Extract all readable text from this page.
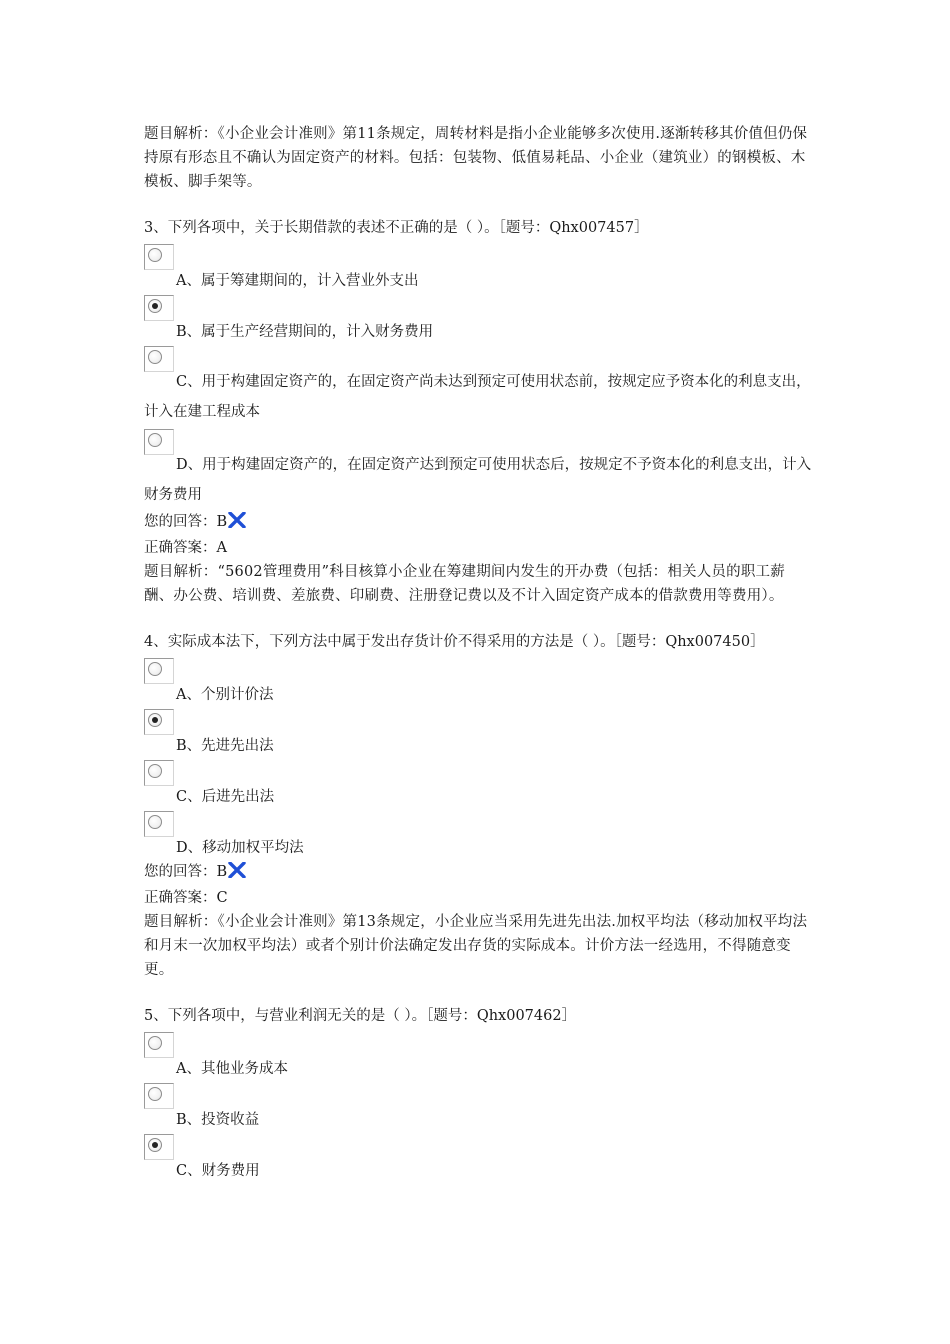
题目解析：《小企业会计准则》第11条规定，周转材料是指小企业能够多次使用.逐渐转移其价值但仍保持原有形态且不确认为固定资产的材料。包括：包装物、低值易耗品、小企业（建筑业）的钢模板、木模板、脚手架等。

3、下列各项中，关于长期借款的表述不正确的是（ ）。［题号：Qhx007457］

A、属于筹建期间的，计入营业外支出
B、属于生产经营期间的，计入财务费用
C、用于构建固定资产的，在固定资产尚未达到预定可使用状态前，按规定应予资本化的利息支出，计入在建工程成本
D、用于构建固定资产的，在固定资产达到预定可使用状态后，按规定不予资本化的利息支出，计入财务费用

您的回答：B

正确答案：A

题目解析：“5602管理费用”科目核算小企业在筹建期间内发生的开办费（包括：相关人员的职工薪酬、办公费、培训费、差旅费、印刷费、注册登记费以及不计入固定资产成本的借款费用等费用）。

4、实际成本法下，下列方法中属于发出存货计价不得采用的方法是（ ）。［题号：Qhx007450］

A、个别计价法
B、先进先出法
C、后进先出法
D、移动加权平均法

您的回答：B

正确答案：C

题目解析：《小企业会计准则》第13条规定，小企业应当采用先进先出法.加权平均法（移动加权平均法和月末一次加权平均法）或者个别计价法确定发出存货的实际成本。计价方法一经选用，不得随意变更。

5、下列各项中，与营业利润无关的是（ ）。［题号：Qhx007462］

A、其他业务成本
B、投资收益
C、财务费用
